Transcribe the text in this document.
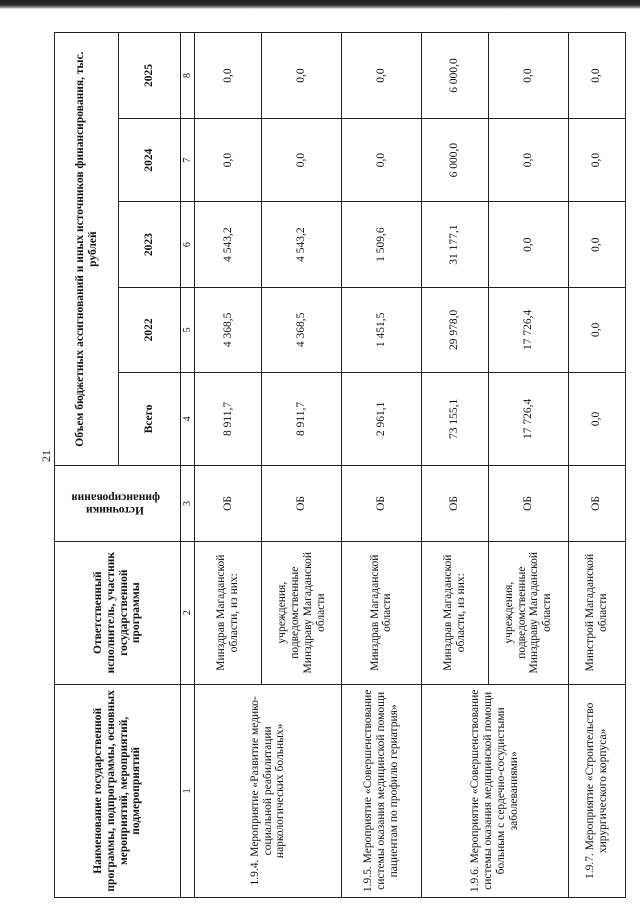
21
Наименование государственной программы, подпрограммы, основных мероприятий, мероприятий, подмероприятий	Ответственный исполнитель, участник государственной программы	Источники финансирования	Объем бюджетных ассигнований и иных источников финансирования, тыс. рублей				
			Всего	2022	2023	2024	2025
1	2	3	4	5	6	7	8
1.9.4. Мероприятие «Развитие медико-социальной реабилитации наркологических больных»	Минздрав Магаданской области, из них:	ОБ	8 911,7	4 368,5	4 543,2	0,0	0,0
	учреждения, подведомственные Минздраву Магаданской области	ОБ	8 911,7	4 368,5	4 543,2	0,0	0,0
1.9.5. Мероприятие «Совершенствование системы оказания медицинской помощи пациентам по профилю гериатрия»	Минздрав Магаданской области	ОБ	2 961,1	1 451,5	1 509,6	0,0	0,0
1.9.6. Мероприятие «Совершенствование системы оказания медицинской помощи больным с сердечно-сосудистыми заболеваниями»	Минздрав Магаданской области, из них:	ОБ	73 155,1	29 978,0	31 177,1	6 000,0	6 000,0
	учреждения, подведомственные Минздраву Магаданской области	ОБ	17 726,4	17 726,4	0,0	0,0	0,0
1.9.7. Мероприятие «Строительство хирургического корпуса»	Минстрой Магаданской области	ОБ	0,0	0,0	0,0	0,0	0,0
